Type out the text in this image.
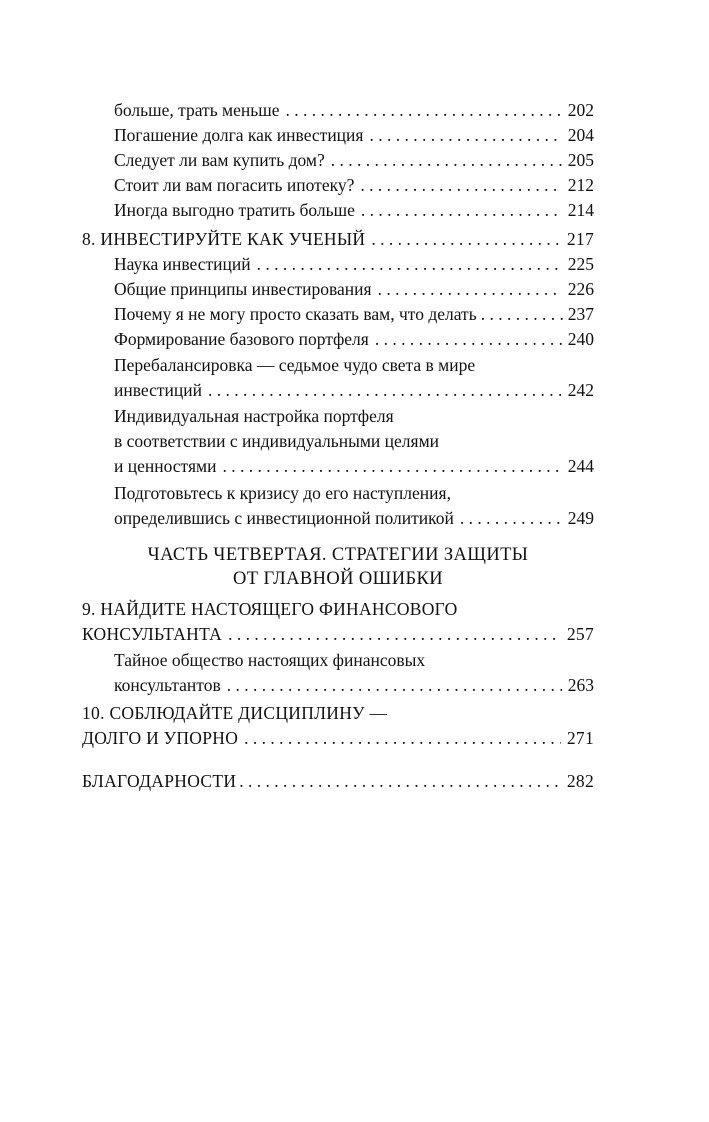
больше, трать меньше . . .	202
Погашение долга как инвестиция . . .	204
Следует ли вам купить дом? . . .	205
Стоит ли вам погасить ипотеку? . . .	212
Иногда выгодно тратить больше . . .	214
8. ИНВЕСТИРУЙТЕ КАК УЧЕНЫЙ . . .	217
Наука инвестиций . . .	225
Общие принципы инвестирования . . .	226
Почему я не могу просто сказать вам, что делать . . .	237
Формирование базового портфеля . . .	240
Перебалансировка — седьмое чудо света в мире
инвестиций . . .	242
Индивидуальная настройка портфеля
в соответствии с индивидуальными целями
и ценностями . . .	244
Подготовьтесь к кризису до его наступления,
определившись с инвестиционной политикой . . .	249
ЧАСТЬ ЧЕТВЕРТАЯ. СТРАТЕГИИ ЗАЩИТЫ
ОТ ГЛАВНОЙ ОШИБКИ
9. НАЙДИТЕ НАСТОЯЩЕГО ФИНАНСОВОГО
КОНСУЛЬТАНТА . . .	257
Тайное общество настоящих финансовых
консультантов . . .	263
10. СОБЛЮДАЙТЕ ДИСЦИПЛИНУ —
ДОЛГО И УПОРНО . . .	271
БЛАГОДАРНОСТИ . . .	282
